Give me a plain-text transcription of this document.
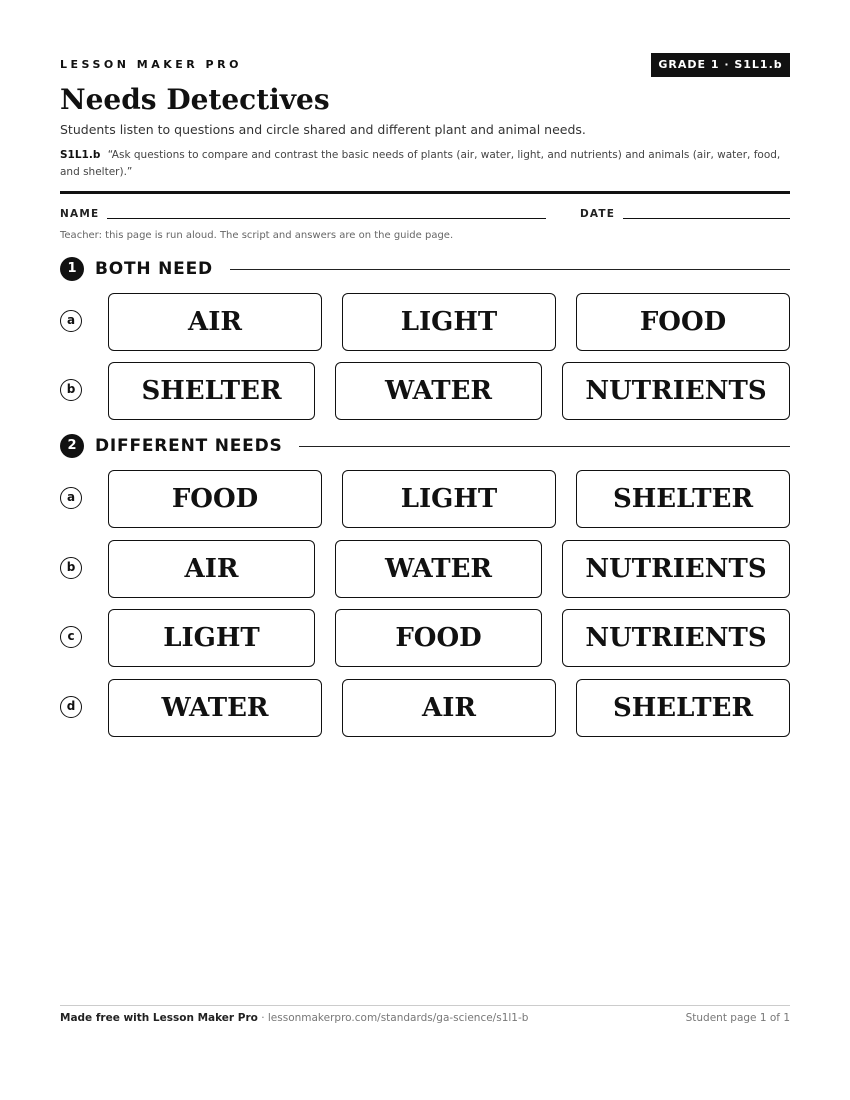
LESSON MAKER PRO	GRADE 1 · S1L1.b
Needs Detectives
Students listen to questions and circle shared and different plant and animal needs.
S1L1.b “Ask questions to compare and contrast the basic needs of plants (air, water, light, and nutrients) and animals (air, water, food, and shelter).”
NAME	DATE
Teacher: this page is run aloud. The script and answers are on the guide page.
1	BOTH NEED
a	AIR	LIGHT	FOOD
b	SHELTER	WATER	NUTRIENTS
2	DIFFERENT NEEDS
a	FOOD	LIGHT	SHELTER
b	AIR	WATER	NUTRIENTS
c	LIGHT	FOOD	NUTRIENTS
d	WATER	AIR	SHELTER
Made free with Lesson Maker Pro · lessonmakerpro.com/standards/ga-science/s1l1-b	Student page 1 of 1
